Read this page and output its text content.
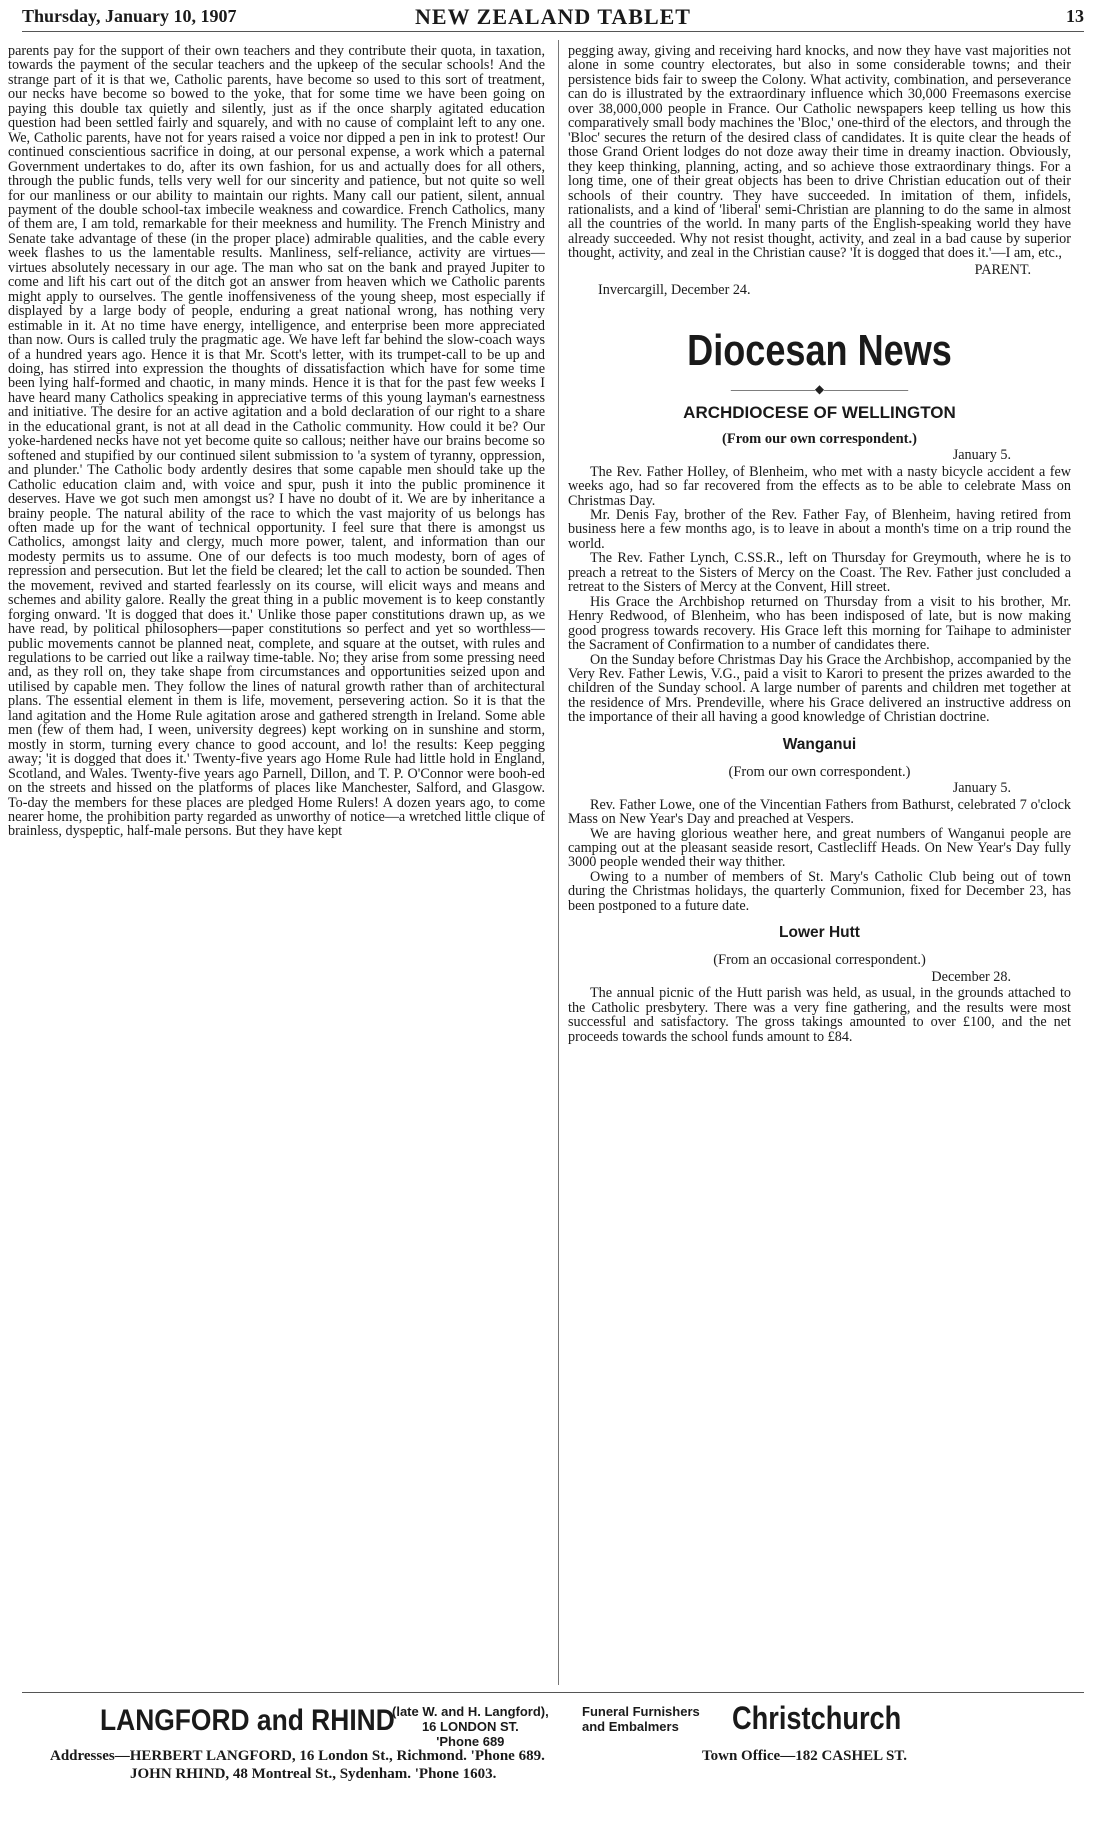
Thursday, January 10, 1907	NEW ZEALAND TABLET	13

parents pay for the support of their own teachers and they contribute their quota, in taxation, towards the payment of the secular teachers and the upkeep of the secular schools! And the strange part of it is that we, Catholic parents, have become so used to this sort of treatment, our necks have become so bowed to the yoke, that for some time we have been going on paying this double tax quietly and silently, just as if the once sharply agitated education question had been settled fairly and squarely, and with no cause of complaint left to any one. We, Catholic parents, have not for years raised a voice nor dipped a pen in ink to protest! Our continued conscientious sacrifice in doing, at our personal expense, a work which a paternal Government undertakes to do, after its own fashion, for us and actually does for all others, through the public funds, tells very well for our sincerity and patience, but not quite so well for our manliness or our ability to maintain our rights. Many call our patient, silent, annual payment of the double school-tax imbecile weakness and cowardice. French Catholics, many of them are, I am told, remarkable for their meekness and humility. The French Ministry and Senate take advantage of these (in the proper place) admirable qualities, and the cable every week flashes to us the lamentable results. Manliness, self-reliance, activity are virtues—virtues absolutely necessary in our age. The man who sat on the bank and prayed Jupiter to come and lift his cart out of the ditch got an answer from heaven which we Catholic parents might apply to ourselves. The gentle inoffensiveness of the young sheep, most especially if displayed by a large body of people, enduring a great national wrong, has nothing very estimable in it. At no time have energy, intelligence, and enterprise been more appreciated than now. Ours is called truly the pragmatic age. We have left far behind the slow-coach ways of a hundred years ago. Hence it is that Mr. Scott's letter, with its trumpet-call to be up and doing, has stirred into expression the thoughts of dissatisfaction which have for some time been lying half-formed and chaotic, in many minds. Hence it is that for the past few weeks I have heard many Catholics speaking in appreciative terms of this young layman's earnestness and initiative. The desire for an active agitation and a bold declaration of our right to a share in the educational grant, is not at all dead in the Catholic community. How could it be? Our yoke-hardened necks have not yet become quite so callous; neither have our brains become so softened and stupified by our continued silent submission to 'a system of tyranny, oppression, and plunder.' The Catholic body ardently desires that some capable men should take up the Catholic education claim and, with voice and spur, push it into the public prominence it deserves. Have we got such men amongst us? I have no doubt of it. We are by inheritance a brainy people. The natural ability of the race to which the vast majority of us belongs has often made up for the want of technical opportunity. I feel sure that there is amongst us Catholics, amongst laity and clergy, much more power, talent, and information than our modesty permits us to assume. One of our defects is too much modesty, born of ages of repression and persecution. But let the field be cleared; let the call to action be sounded. Then the movement, revived and started fearlessly on its course, will elicit ways and means and schemes and ability galore. Really the great thing in a public movement is to keep constantly forging onward. 'It is dogged that does it.' Unlike those paper constitutions drawn up, as we have read, by political philosophers—paper constitutions so perfect and yet so worthless—public movements cannot be planned neat, complete, and square at the outset, with rules and regulations to be carried out like a railway time-table. No; they arise from some pressing need and, as they roll on, they take shape from circumstances and opportunities seized upon and utilised by capable men. They follow the lines of natural growth rather than of architectural plans. The essential element in them is life, movement, persevering action. So it is that the land agitation and the Home Rule agitation arose and gathered strength in Ireland. Some able men (few of them had, I ween, university degrees) kept working on in sunshine and storm, mostly in storm, turning every chance to good account, and lo! the results: Keep pegging away; 'it is dogged that does it.' Twenty-five years ago Home Rule had little hold in England, Scotland, and Wales. Twenty-five years ago Parnell, Dillon, and T. P. O'Connor were booh-ed on the streets and hissed on the platforms of places like Manchester, Salford, and Glasgow. To-day the members for these places are pledged Home Rulers! A dozen years ago, to come nearer home, the prohibition party regarded as unworthy of notice—a wretched little clique of brainless, dyspeptic, half-male persons. But they have kept

pegging away, giving and receiving hard knocks, and now they have vast majorities not alone in some country electorates, but also in some considerable towns; and their persistence bids fair to sweep the Colony. What activity, combination, and perseverance can do is illustrated by the extraordinary influence which 30,000 Freemasons exercise over 38,000,000 people in France. Our Catholic newspapers keep telling us how this comparatively small body machines the 'Bloc,' one-third of the electors, and through the 'Bloc' secures the return of the desired class of candidates. It is quite clear the heads of those Grand Orient lodges do not doze away their time in dreamy inaction. Obviously, they keep thinking, planning, acting, and so achieve those extraordinary things. For a long time, one of their great objects has been to drive Christian education out of their schools of their country. They have succeeded. In imitation of them, infidels, rationalists, and a kind of 'liberal' semi-Christian are planning to do the same in almost all the countries of the world. In many parts of the English-speaking world they have already succeeded. Why not resist thought, activity, and zeal in a bad cause by superior thought, activity, and zeal in the Christian cause? 'It is dogged that does it.'—I am, etc.,

PARENT.
Invercargill, December 24.
Diocesan News
———————◆———————
ARCHDIOCESE OF WELLINGTON
(From our own correspondent.)
January 5.

The Rev. Father Holley, of Blenheim, who met with a nasty bicycle accident a few weeks ago, had so far recovered from the effects as to be able to celebrate Mass on Christmas Day.

Mr. Denis Fay, brother of the Rev. Father Fay, of Blenheim, having retired from business here a few months ago, is to leave in about a month's time on a trip round the world.

The Rev. Father Lynch, C.SS.R., left on Thursday for Greymouth, where he is to preach a retreat to the Sisters of Mercy on the Coast. The Rev. Father just concluded a retreat to the Sisters of Mercy at the Convent, Hill street.

His Grace the Archbishop returned on Thursday from a visit to his brother, Mr. Henry Redwood, of Blenheim, who has been indisposed of late, but is now making good progress towards recovery. His Grace left this morning for Taihape to administer the Sacrament of Confirmation to a number of candidates there.

On the Sunday before Christmas Day his Grace the Archbishop, accompanied by the Very Rev. Father Lewis, V.G., paid a visit to Karori to present the prizes awarded to the children of the Sunday school. A large number of parents and children met together at the residence of Mrs. Prendeville, where his Grace delivered an instructive address on the importance of their all having a good knowledge of Christian doctrine.

Wanganui
(From our own correspondent.)
January 5.

Rev. Father Lowe, one of the Vincentian Fathers from Bathurst, celebrated 7 o'clock Mass on New Year's Day and preached at Vespers.

We are having glorious weather here, and great numbers of Wanganui people are camping out at the pleasant seaside resort, Castlecliff Heads. On New Year's Day fully 3000 people wended their way thither.

Owing to a number of members of St. Mary's Catholic Club being out of town during the Christmas holidays, the quarterly Communion, fixed for December 23, has been postponed to a future date.

Lower Hutt
(From an occasional correspondent.)
December 28.

The annual picnic of the Hutt parish was held, as usual, in the grounds attached to the Catholic presbytery. There was a very fine gathering, and the results were most successful and satisfactory. The gross takings amounted to over £100, and the net proceeds towards the school funds amount to £84.

LANGFORD and RHIND
(late W. and H. Langford),
16 LONDON ST.
'Phone 689
Funeral Furnishers
and Embalmers	Christchurch
Addresses—HERBERT LANGFORD, 16 London St., Richmond. 'Phone 689.	Town Office—182 CASHEL ST.
JOHN RHIND, 48 Montreal St., Sydenham. 'Phone 1603.
